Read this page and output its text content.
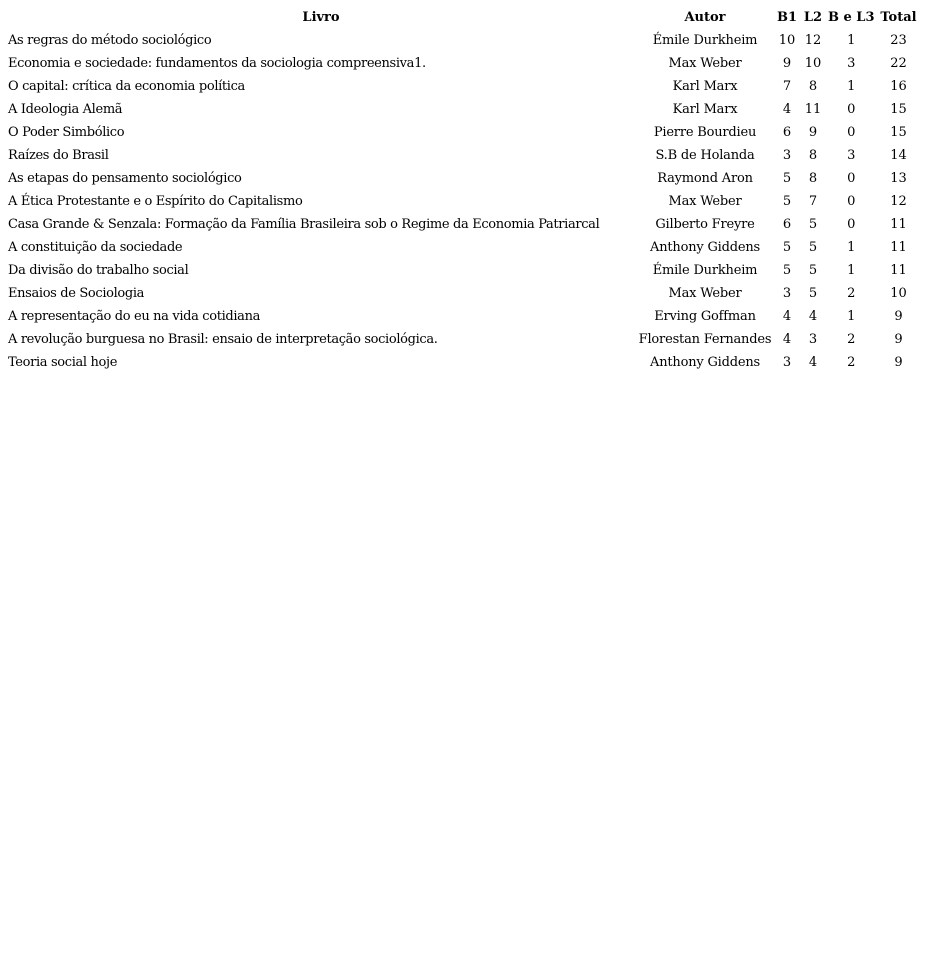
Livro	Autor	B1	L2	B e L3	Total
As regras do método sociológico	Émile Durkheim	10	12	1	23
Economia e sociedade: fundamentos da sociologia compreensiva1.	Max Weber	9	10	3	22
O capital: crítica da economia política	Karl Marx	7	8	1	16
A Ideologia Alemã	Karl Marx	4	11	0	15
O Poder Simbólico	Pierre Bourdieu	6	9	0	15
Raízes do Brasil	S.B de Holanda	3	8	3	14
As etapas do pensamento sociológico	Raymond Aron	5	8	0	13
A Ética Protestante e o Espírito do Capitalismo	Max Weber	5	7	0	12
Casa Grande & Senzala: Formação da Família Brasileira sob o Regime da Economia Patriarcal	Gilberto Freyre	6	5	0	11
A constituição da sociedade	Anthony Giddens	5	5	1	11
Da divisão do trabalho social	Émile Durkheim	5	5	1	11
Ensaios de Sociologia	Max Weber	3	5	2	10
A representação do eu na vida cotidiana	Erving Goffman	4	4	1	9
A revolução burguesa no Brasil: ensaio de interpretação sociológica.	Florestan Fernandes	4	3	2	9
Teoria social hoje	Anthony Giddens	3	4	2	9
